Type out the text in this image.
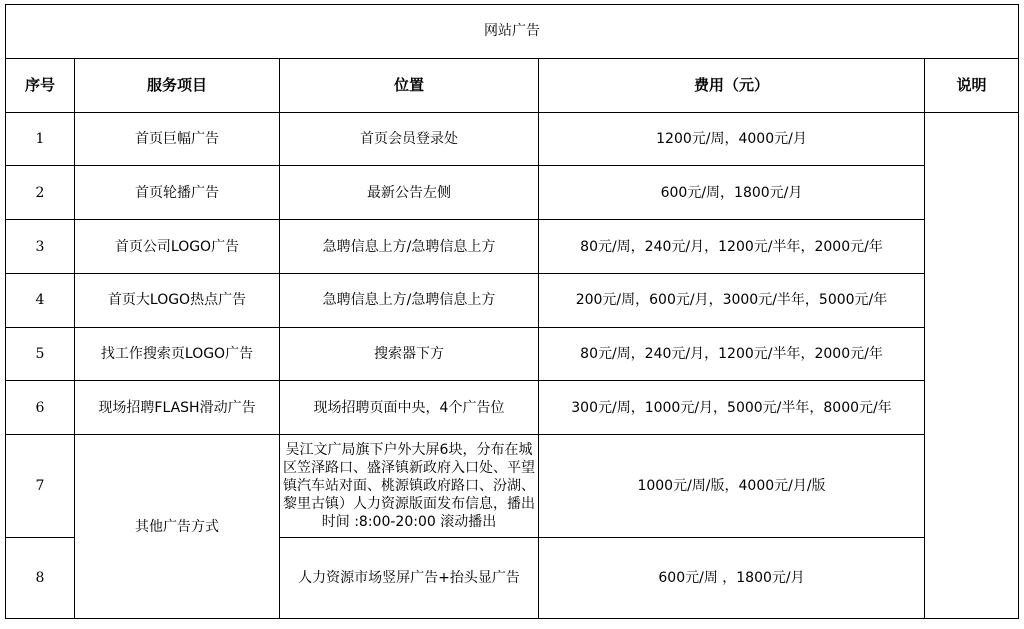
网站广告				
序号	服务项目	位置	费用（元）	说明
1	首页巨幅广告	首页会员登录处	1200元/周，4000元/月	
2	首页轮播广告	最新公告左侧	600元/周，1800元/月	
3	首页公司LOGO广告	急聘信息上方/急聘信息上方	80元/周，240元/月，1200元/半年，2000元/年	
4	首页大LOGO热点广告	急聘信息上方/急聘信息上方	200元/周，600元/月，3000元/半年，5000元/年	
5	找工作搜索页LOGO广告	搜索器下方	80元/周，240元/月，1200元/半年，2000元/年	
6	现场招聘FLASH滑动广告	现场招聘页面中央，4个广告位	300元/周，1000元/月，5000元/半年，8000元/年	
7	其他广告方式	吴江文广局旗下户外大屏6块，分布在城区笠泽路口、盛泽镇新政府入口处、平望镇汽车站对面、桃源镇政府路口、汾湖、黎里古镇）人力资源版面发布信息，播出时间 :8:00-20:00 滚动播出	1000元/周/版，4000元/月/版	
8		人力资源市场竖屏广告+抬头显广告	600元/周 ，1800元/月	
